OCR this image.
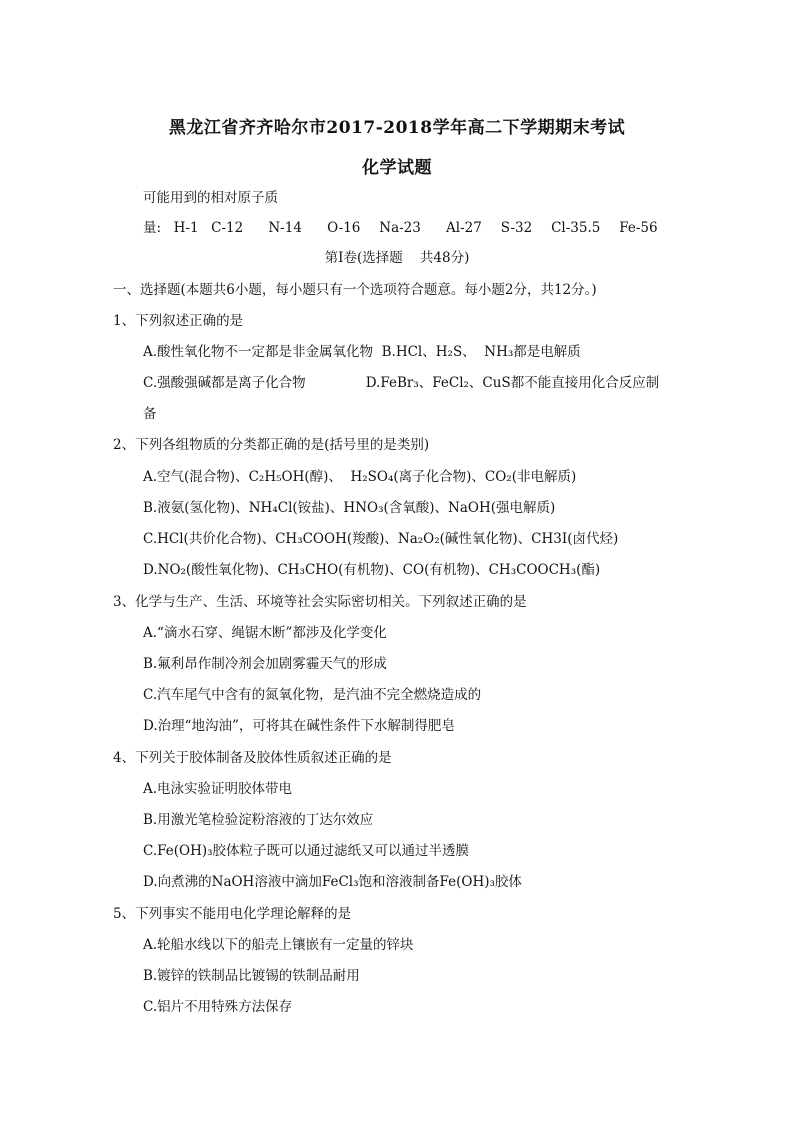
黑龙江省齐齐哈尔市2017-2018学年高二下学期期末考试
化学试题
可能用到的相对原子质
量:  H-1  C-12    N-14    O-16   Na-23    Al-27   S-32   Cl-35.5   Fe-56
第Ⅰ卷(选择题    共48分)
一、选择题(本题共6小题，每小题只有一个选项符合题意。每小题2分，共12分。)
1、下列叙述正确的是
A.酸性氧化物不一定都是非金属氧化物  B.HCl、H₂S、  NH₃都是电解质
C.强酸强碱都是离子化合物              D.FeBr₃、FeCl₂、CuS都不能直接用化合反应制
备
2、下列各组物质的分类都正确的是(括号里的是类别)
A.空气(混合物)、C₂H₅OH(醇)、  H₂SO₄(离子化合物)、CO₂(非电解质)
B.液氨(氢化物)、NH₄Cl(铵盐)、HNO₃(含氧酸)、NaOH(强电解质)
C.HCl(共价化合物)、CH₃COOH(羧酸)、Na₂O₂(碱性氧化物)、CH3I(卤代烃)
D.NO₂(酸性氧化物)、CH₃CHO(有机物)、CO(有机物)、CH₃COOCH₃(酯)
3、化学与生产、生活、环境等社会实际密切相关。下列叙述正确的是
A.“滴水石穿、绳锯木断”都涉及化学变化
B.氟利昂作制冷剂会加剧雾霾天气的形成
C.汽车尾气中含有的氮氧化物，是汽油不完全燃烧造成的
D.治理“地沟油”，可将其在碱性条件下水解制得肥皂
4、下列关于胶体制备及胶体性质叙述正确的是
A.电泳实验证明胶体带电
B.用激光笔检验淀粉溶液的丁达尔效应
C.Fe(OH)₃胶体粒子既可以通过滤纸又可以通过半透膜
D.向煮沸的NaOH溶液中滴加FeCl₃饱和溶液制备Fe(OH)₃胶体
5、下列事实不能用电化学理论解释的是
A.轮船水线以下的船壳上镶嵌有一定量的锌块
B.镀锌的铁制品比镀锡的铁制品耐用
C.铝片不用特殊方法保存
